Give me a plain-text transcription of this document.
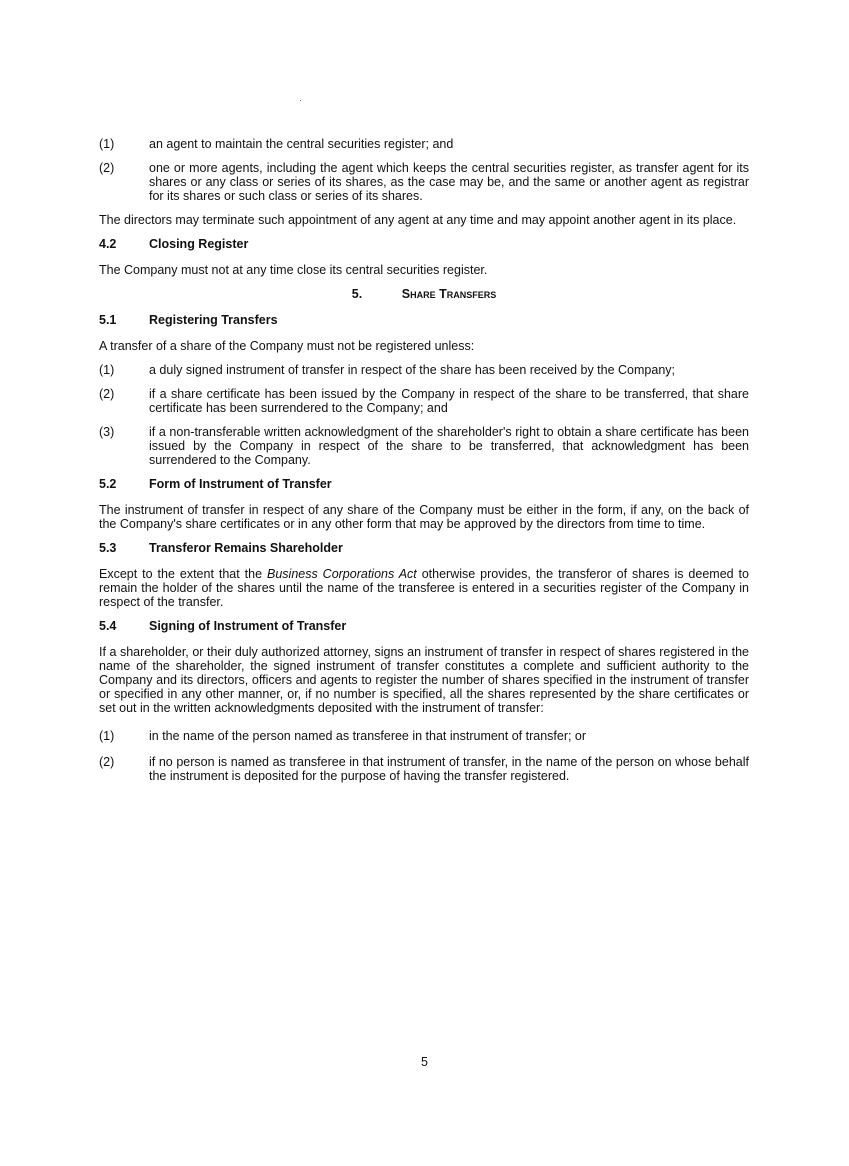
(1)	an agent to maintain the central securities register; and
(2)	one or more agents, including the agent which keeps the central securities register, as transfer agent for its shares or any class or series of its shares, as the case may be, and the same or another agent as registrar for its shares or such class or series of its shares.

The directors may terminate such appointment of any agent at any time and may appoint another agent in its place.

4.2	Closing Register

The Company must not at any time close its central securities register.

5.	Share Transfers
5.1	Registering Transfers

A transfer of a share of the Company must not be registered unless:

(1)	a duly signed instrument of transfer in respect of the share has been received by the Company;
(2)	if a share certificate has been issued by the Company in respect of the share to be transferred, that share certificate has been surrendered to the Company; and
(3)	if a non-transferable written acknowledgment of the shareholder's right to obtain a share certificate has been issued by the Company in respect of the share to be transferred, that acknowledgment has been surrendered to the Company.
5.2	Form of Instrument of Transfer

The instrument of transfer in respect of any share of the Company must be either in the form, if any, on the back of the Company's share certificates or in any other form that may be approved by the directors from time to time.

5.3	Transferor Remains Shareholder

Except to the extent that the Business Corporations Act otherwise provides, the transferor of shares is deemed to remain the holder of the shares until the name of the transferee is entered in a securities register of the Company in respect of the transfer.

5.4	Signing of Instrument of Transfer

If a shareholder, or their duly authorized attorney, signs an instrument of transfer in respect of shares registered in the name of the shareholder, the signed instrument of transfer constitutes a complete and sufficient authority to the Company and its directors, officers and agents to register the number of shares specified in the instrument of transfer or specified in any other manner, or, if no number is specified, all the shares represented by the share certificates or set out in the written acknowledgments deposited with the instrument of transfer:

(1)	in the name of the person named as transferee in that instrument of transfer; or
(2)	if no person is named as transferee in that instrument of transfer, in the name of the person on whose behalf the instrument is deposited for the purpose of having the transfer registered.
5
